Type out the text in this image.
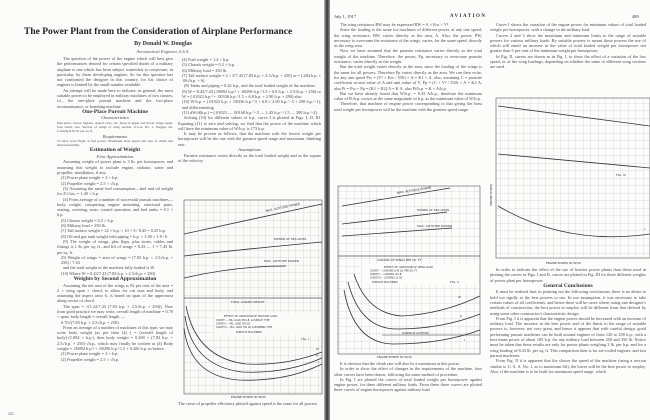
By Donald W. Douglas
Aeronautical Engineer, S.S.A.

The question of the power of the engine which will best give the performances desired for certain specified duties of a military airplane is one which has been subject somewhat to conjecture, in particular, by those developing engines. So far this question has not confronted the designer in this country, for his choice of engines is limited by the small number available.

An attempt will be made here to indicate, in general, the most suitable power to be employed in military machines of two classes, i.e., the one-place pursuit machine and the two-place reconnaissance, or bombing machine.

One-Place Pursuit Machine

Characteristics

One-place, tractor biplane. Aspect ratio, six. Span of upper and lower wings equal. Gap chord, one. Section of wings of wing section, U.S.A. No. 1. Stagger, nil. Loading 8.43 lb. per sq. ft.

Requirements

To have level flight at full power. Maximum level speed and rate of climb and manoeuvrability.

Estimation of Weight

First Approximation

Assuming weight of power plant is 3 lb. per horsepower, and assuming this weight to include engine, radiator, water and propeller, installation, if any.

(1) Power plant weight = 3 × h.p.

(2) Propeller weight = 2.5 × √h.p.

(3) Assuming the same fuel consumption—fuel and oil weight for 2½ hrs. = 1.40 × h.p.

(4) From average of a number of successful pursuit machines—body weight, comprising engine mounting, structural parts, seating, covering, seats, control operation, and fuel tanks = 0.1 × h.p.

(5) Chassis weight = 0.2 × h.p.

(6) Military load = 250 lb.

(7) Tail surface weight = 22 × h.p. × 10 × 3 / 8.43 = 0.25 h.p.

(8) Oil and gas tank weight with piping = h.p. × 1.40 × 1.8 / 6

(9) The weight of wings, plus flaps, plus struts, cables and fittings is 1 lb. per sq. ft., and lift of wings = 8.43 — 1 = 7.43 lb. per sq. ft.

(9) Weight of wings = area of wings = (7.83 h.p. + 2.5√h.p. + 250) / 7.43

and the total weight of the machine fully loaded is W.

(10) Where W = 8.43/7.43 (7.83 h.p. + 2.5√h.p. + 250)

Weights by Second Approximation

Assuming the net area of the wings is 92 per cent of the area = 2 × wing span × chord, to allow for cut outs and body, and assuming the aspect ratio 6, is based on span of the uppermost along vector of chord.

The span = √(1.22/7.43 (7.83 h.p. + 2.5√h.p. + 250)). Now from good practice we may write, overall length of machine = 0.70 × span; body length = overall length —

0.70√(7.83 h.p. + 2.5√h.p. + 250).

From an average of a number of machines of this type, we may write body weight (as per item (4) ) = (overall length of body)·(1.884 × h.p.), then body weight = 0.269 × (7.83 h.p. + 2.5√h.p. + 250)·√h.p., which may finally be written as (4) Body weight = .00092 h.p.² + .00296 h.p.^1.5 + 0.206 h.p. as before.

(1) Power plant weight = 3 × h.p.

(2) Propeller weight = 2.5 × √h.p.

(4) Fuel weight = 1.4 × h.p.

(5) Chassis weight = 0.2 × h.p.

(6) Military load = 250 lb.

(7) Tail surface weight = 2 × 3/7.43 (7.83 h.p. + 2.5√h.p. + 250) or = (.284 h.p. + .06√h.p. + 6).

(8) Tanks and piping = 0.42 h.p., and the total loaded weight of the machine:

(9) W = 8.43/7.43 (.00092 h.p.² + .00296 h.p.^1.5 + 6.8 h.p. + 2.5√h.p. + 256) or W = (.01023 h.p.² + .00336 h.p.^1.5 + 6.8 h.p. + 2.90 h.p. + 290) also

(10) W/h.p. = (.01023 h.p. + .00336 h.p.^.5 + 6.8 + 2.90 h.p.^-.5 + 290 h.p.^-1), and differentiating

(11) dW/d(h.p.) = (.01023 — .00168 h.p.^-.5 — 1.45 h.p.^-1.5 — 290 h.p.^-2)

Solving (10) for different values of h.p., curve I is plotted in Figs. I, II, III. Equating (11) to zero and solving, we find that the power of the machine which will have the minimum value of W/h.p. is 173 h.p.

It may be proven as follows, that the machine with the lowest weight per horsepower will be the one with the greatest speed range and maximum climbing rate.

Assumptions

Parasite resistance varies directly as the total loaded weight and as the square of the velocity.

MAX. ALTITUDE POWER
POWER AT SEA LEVEL
MAX. ALTITUDE POWER
TOTAL LOADED WEIGHT
EFFECT OF VARIATION OF MILITARY LOAD
CURVE I — MIL. LOAD 250 LB. & PURSUIT TYPE
CURVE II — MIL. LOAD 500 LB.
CURVE III — MIL. LOAD 750 LB. & BOMBING TYPE
PURSUIT MACHINES
FIG. I
III
II
I
ENGINE POWER IN HP/10
The curve of propeller efficiency plotted against speed is the same for all powers.
222
The Power Plant from the Consideration of Airplane Performance
July 1, 1917	AVIATION	489

The wing resistance RW may be expressed RW = A × Kw × V².

Since the loading is the same for machines of different power, at any one speed, the wing resistance, RW, varies directly as the area, A. Also, the power, PW, necessary to overcome the resistance of the wings, varies, for the same speed, directly as the wing area.

Now we have assumed that the parasite resistance varies directly as the total weight of the machine. Therefore, the power, Pp, necessary to overcome parasite resistance, varies directly as the weight.

But the total weight varies directly as the area, since the loading of the wings is the same for all powers. Therefore Pp varies directly as the area. We can then write, for any one speed Pw = (V³ × Kw / 550) × A = K1 × A, also, assuming C = parasite coefficient at unit value of A and unit value of V, Pp = (C × V³ / 550) × A = K2 A, also Pt = Pw + Pp = (K1 + K2) A = K A, also Pt/h.p. = K × A/h.p.

But we have already found that W/h.p. = 8.43 A/h.p., therefore the minimum value of Pt/h.p. occurs at the same magnitude of h.p. as the minimum value of W/h.p.

Therefore, that machine of engine power corresponding to that giving the least total weight per horsepower will be the machine with the greatest speed range.

MAX. ALTITUDE POWER
POWER AT SEA LEVEL
MAX. ALTITUDE POWER
LOADING OF WINGS PER SQ. FT.
EFFECT OF VARIATION OF WING LOAD
CURVE I — LOADING 8.43 LB. PER SQ. FT.
CURVE II — LOADING 10 LB.
CURVE III — LOADING 12 LB.
PURSUIT MACHINES	FIG. II
POWER AT ALTITUDE
III
II
I
ENGINE POWER IN HP/10

It is obvious that the climb rate will also be a maximum at this power.

In order to show the effect of changes in the requirements of the machine, four other curves have been drawn, following the same method of procedure.

In Fig. I are plotted the curves of total loaded weight per horsepower against engine power, for three different military loads. From these three curves are plotted three curves of engine horsepower against military load.

Curve I shows the variation of the engine power for minimum values of total loaded weight per horsepower, with a change in the military load.

Curves 2 and 3 show the maximum and minimum limits to the range of suitable powers for various military loads. By suitable powers is meant those powers the use of which will entail an increase in the value of total loaded weight per horsepower not greater than 5 per cent of the minimum weight per horsepower.

In Fig. II, curves are drawn as in Fig. I, to show the effect of a variation of the low speed, or of the wing loadings, depending on whether the same or different wing sections are used.

ENGINE POWER
FIG. III
I
ENGINE POWER IN HP/10

In order to indicate the effect of the use of heavier power plants than those used in plotting the curves in Figs. I and II, curves are plotted in Fig. III for three different weights of power plant per horsepower.

General Conclusions

It must be realized that, in pointing out the following conclusions, there is no desire to hold too rigidly to the best powers to use. In our assumption, it was necessary to take certain values of all coefficients, and hence there will be cases where, using one designer's methods of construction, the best power to employ will be different from that derived by using some other constructor's characteristic design.

From Fig. I it is apparent that the engine power should be increased with an increase of military load. The increase in the best power and of the limits to the range of suitable powers is, however, not very great, and hence it appears that with careful design, good performing pursuit machines can be built around engines of from 120 to 200 h.p., with a best mean power of about 185 h.p. for any military load between 250 and 350 lb. Notice must be taken that these results are only for power plants weighing 3 lb. per h.p. and for a wing loading of 8.43 lb. per sq. ft. This comparison then is for air-cooled engines, and fast pursuit machines.

From Fig. II it is apparent that the slower the speed of the machine (using a section similar to U. S. A. No. 1, as to maximum lift), the lower will be the best power to employ. Also, if the machine is to be built for maximum speed range, which
